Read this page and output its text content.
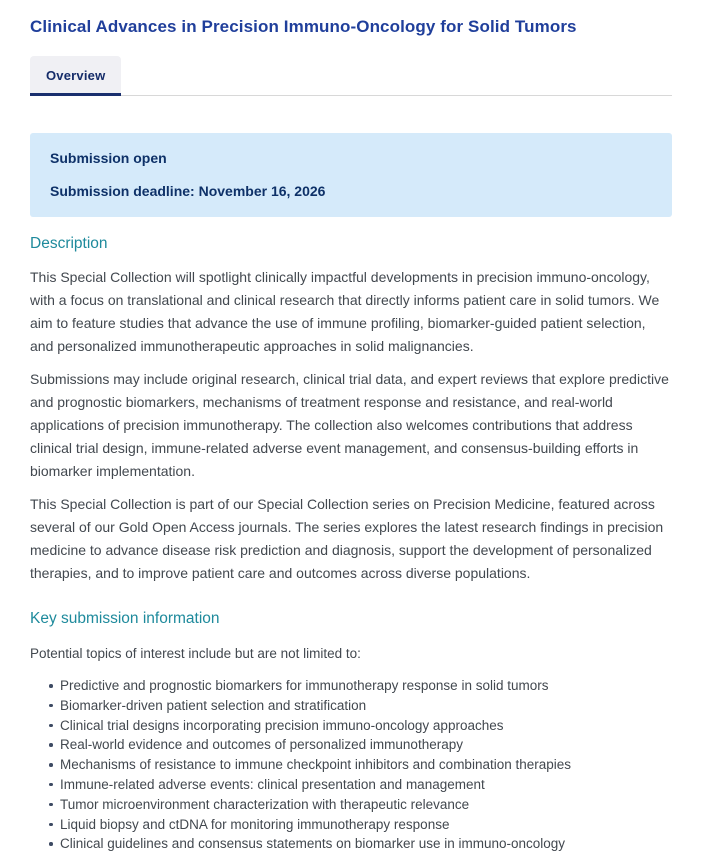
Clinical Advances in Precision Immuno-Oncology for Solid Tumors
Overview
Submission open
Submission deadline: November 16, 2026
Description

This Special Collection will spotlight clinically impactful developments in precision immuno-oncology, with a focus on translational and clinical research that directly informs patient care in solid tumors. We aim to feature studies that advance the use of immune profiling, biomarker-guided patient selection, and personalized immunotherapeutic approaches in solid malignancies.

Submissions may include original research, clinical trial data, and expert reviews that explore predictive and prognostic biomarkers, mechanisms of treatment response and resistance, and real-world applications of precision immunotherapy. The collection also welcomes contributions that address clinical trial design, immune-related adverse event management, and consensus-building efforts in biomarker implementation.

This Special Collection is part of our Special Collection series on Precision Medicine, featured across several of our Gold Open Access journals. The series explores the latest research findings in precision medicine to advance disease risk prediction and diagnosis, support the development of personalized therapies, and to improve patient care and outcomes across diverse populations.

Key submission information

Potential topics of interest include but are not limited to:

Predictive and prognostic biomarkers for immunotherapy response in solid tumors
Biomarker-driven patient selection and stratification
Clinical trial designs incorporating precision immuno-oncology approaches
Real-world evidence and outcomes of personalized immunotherapy
Mechanisms of resistance to immune checkpoint inhibitors and combination therapies
Immune-related adverse events: clinical presentation and management
Tumor microenvironment characterization with therapeutic relevance
Liquid biopsy and ctDNA for monitoring immunotherapy response
Clinical guidelines and consensus statements on biomarker use in immuno-oncology
